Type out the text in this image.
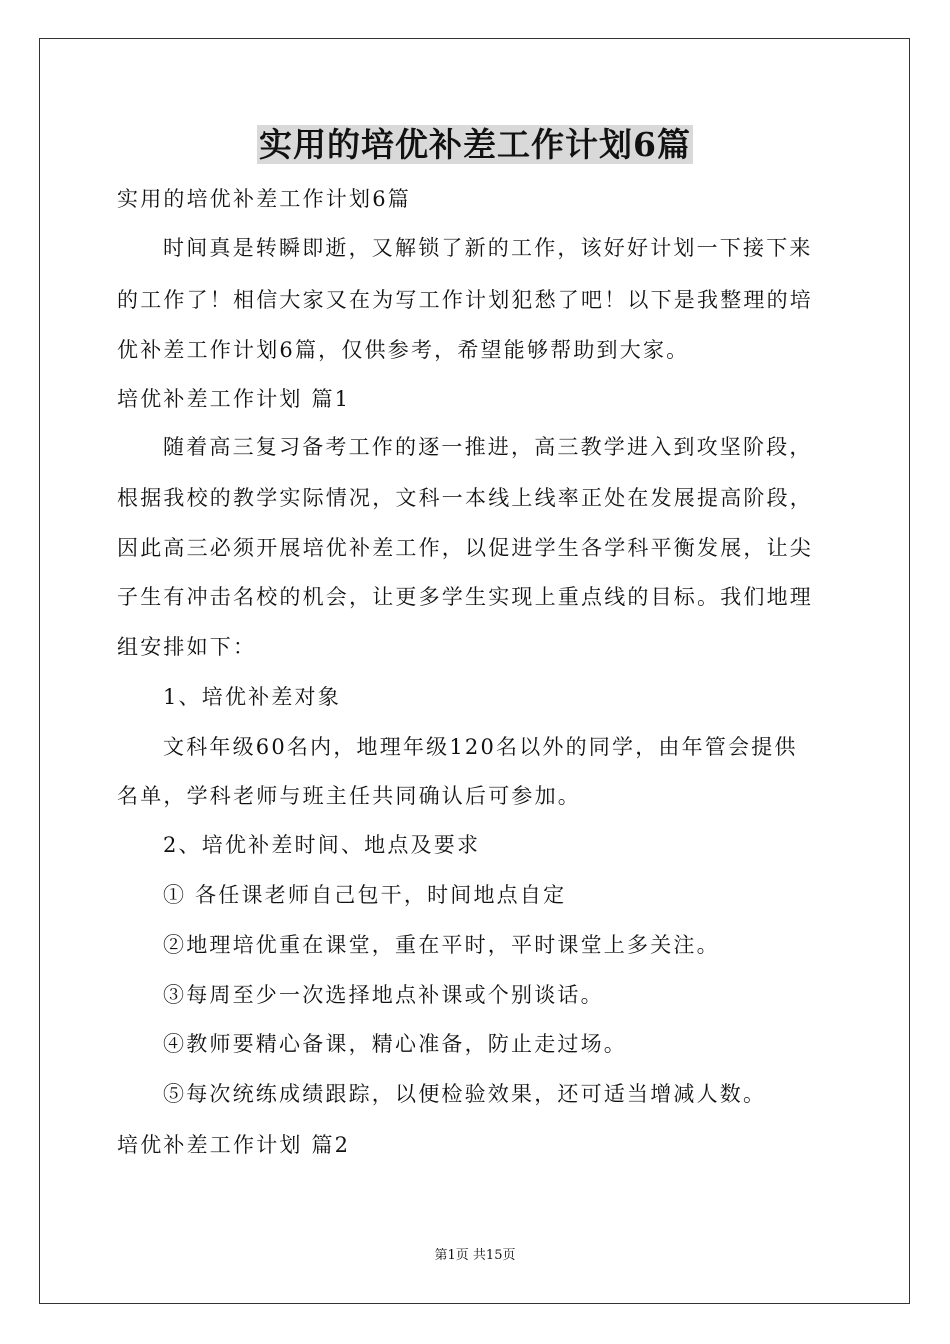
实用的培优补差工作计划6篇
实用的培优补差工作计划6篇
时间真是转瞬即逝，又解锁了新的工作，该好好计划一下接下来
的工作了！相信大家又在为写工作计划犯愁了吧！以下是我整理的培
优补差工作计划6篇，仅供参考，希望能够帮助到大家。
培优补差工作计划 篇1
随着高三复习备考工作的逐一推进，高三教学进入到攻坚阶段，
根据我校的教学实际情况，文科一本线上线率正处在发展提高阶段，
因此高三必须开展培优补差工作，以促进学生各学科平衡发展，让尖
子生有冲击名校的机会，让更多学生实现上重点线的目标。我们地理
组安排如下：
1、培优补差对象
文科年级60名内，地理年级120名以外的同学，由年管会提供
名单，学科老师与班主任共同确认后可参加。
2、培优补差时间、地点及要求
① 各任课老师自己包干，时间地点自定
②地理培优重在课堂，重在平时，平时课堂上多关注。
③每周至少一次选择地点补课或个别谈话。
④教师要精心备课，精心准备，防止走过场。
⑤每次统练成绩跟踪，以便检验效果，还可适当增减人数。
培优补差工作计划 篇2
第1页 共15页
